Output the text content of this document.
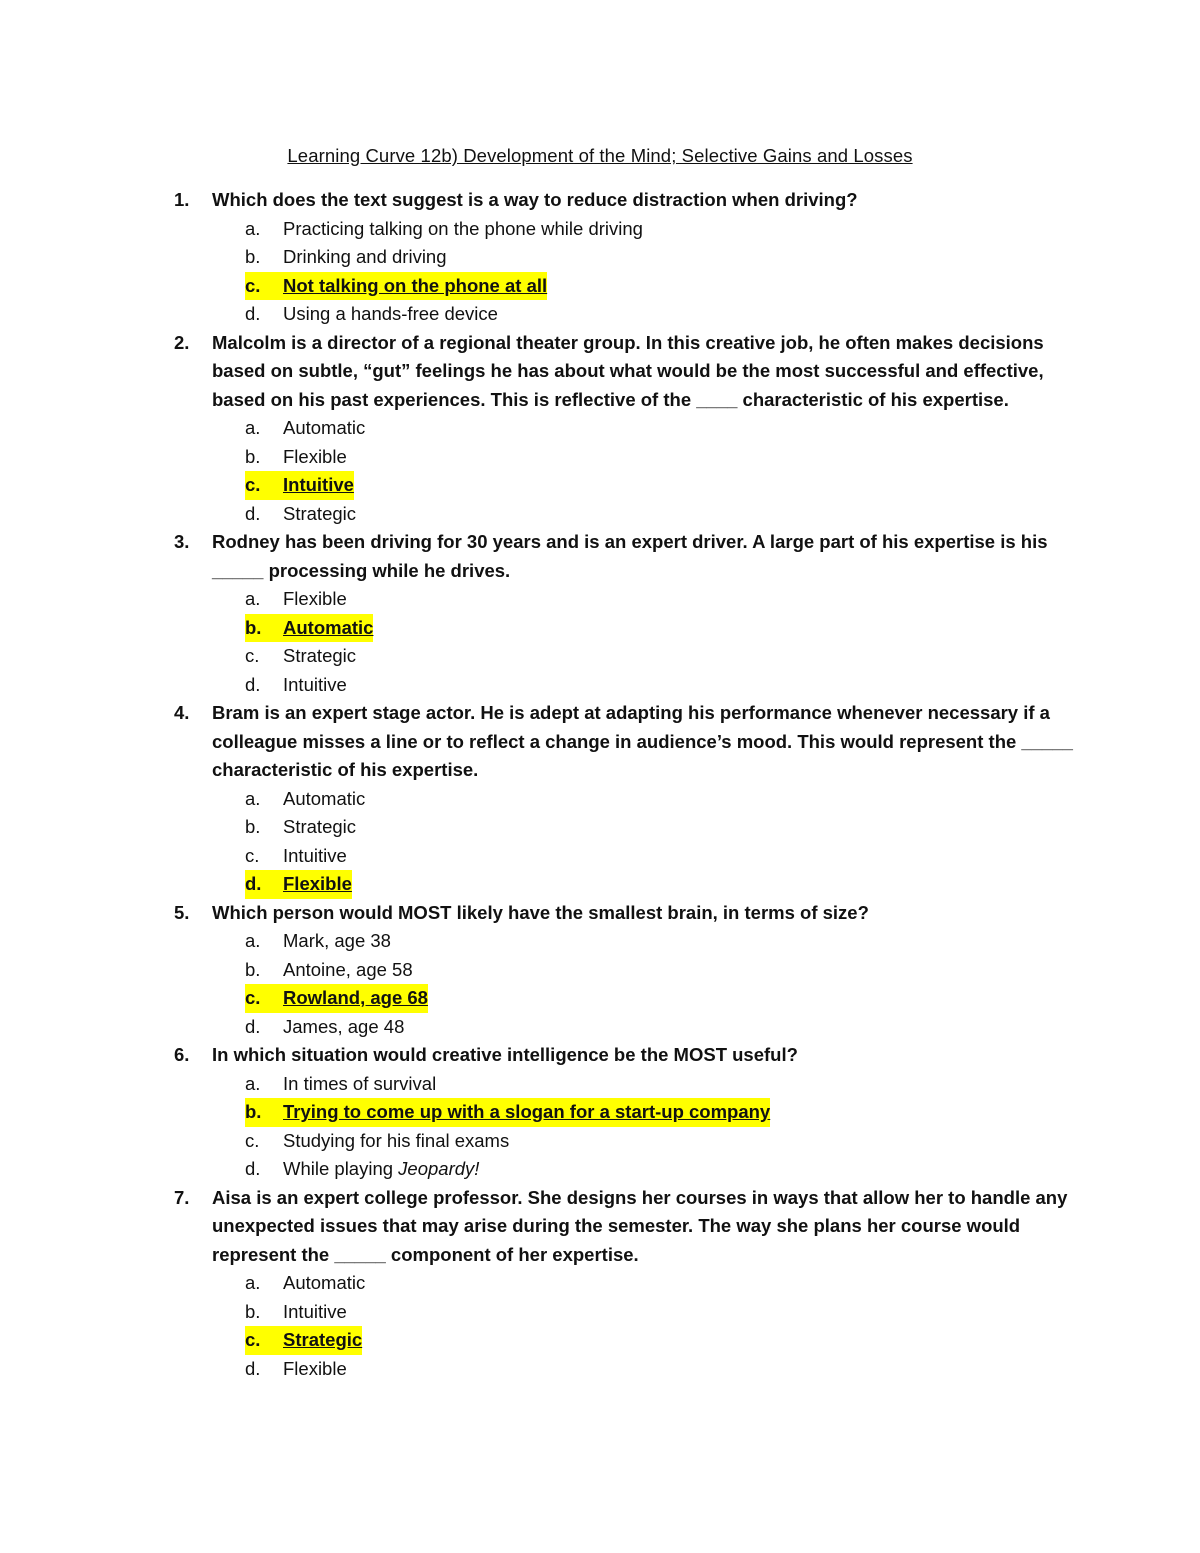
Learning Curve 12b) Development of the Mind; Selective Gains and Losses
1.	Which does the text suggest is a way to reduce distraction when driving?
a.	Practicing talking on the phone while driving
b.	Drinking and driving
c.	Not talking on the phone at all
d.	Using a hands-free device
2.	Malcolm is a director of a regional theater group. In this creative job, he often makes decisions based on subtle, “gut” feelings he has about what would be the most successful and effective, based on his past experiences. This is reflective of the ____ characteristic of his expertise.
a.	Automatic
b.	Flexible
c.	Intuitive
d.	Strategic
3.	Rodney has been driving for 30 years and is an expert driver. A large part of his expertise is his _____ processing while he drives.
a.	Flexible
b.	Automatic
c.	Strategic
d.	Intuitive
4.	Bram is an expert stage actor. He is adept at adapting his performance whenever necessary if a colleague misses a line or to reflect a change in audience’s mood. This would represent the _____ characteristic of his expertise.
a.	Automatic
b.	Strategic
c.	Intuitive
d.	Flexible
5.	Which person would MOST likely have the smallest brain, in terms of size?
a.	Mark, age 38
b.	Antoine, age 58
c.	Rowland, age 68
d.	James, age 48
6.	In which situation would creative intelligence be the MOST useful?
a.	In times of survival
b.	Trying to come up with a slogan for a start-up company
c.	Studying for his final exams
d.	While playing Jeopardy!
7.	Aisa is an expert college professor. She designs her courses in ways that allow her to handle any unexpected issues that may arise during the semester. The way she plans her course would represent the _____ component of her expertise.
a.	Automatic
b.	Intuitive
c.	Strategic
d.	Flexible
